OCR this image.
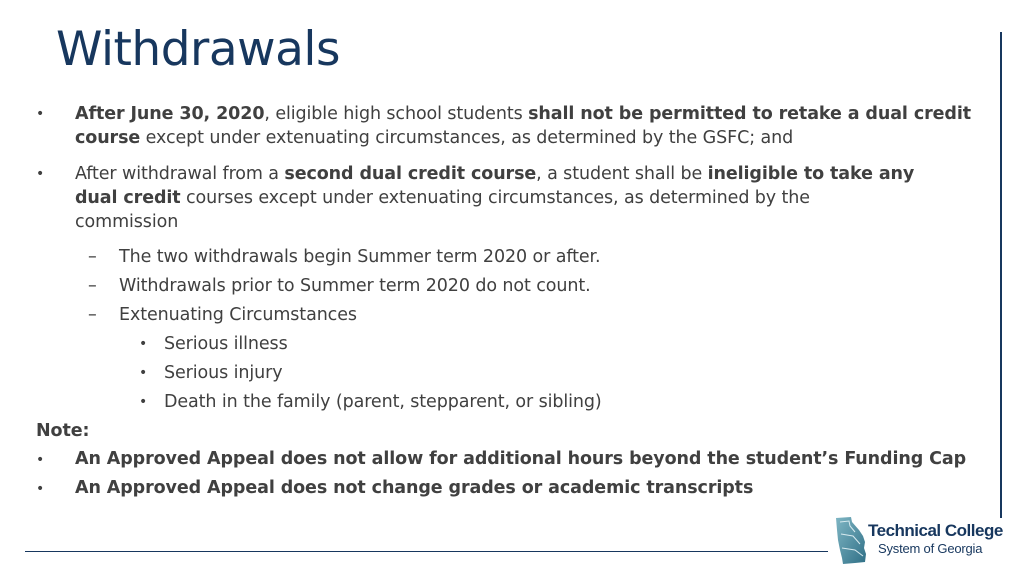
Withdrawals
• After June 30, 2020, eligible high school students shall not be permitted to retake a dual credit
course except under extenuating circumstances, as determined by the GSFC; and
• After withdrawal from a second dual credit course, a student shall be ineligible to take any
dual credit courses except under extenuating circumstances, as determined by the
commission
– The two withdrawals begin Summer term 2020 or after.
– Withdrawals prior to Summer term 2020 do not count.
– Extenuating Circumstances
• Serious illness
• Serious injury
• Death in the family (parent, stepparent, or sibling)
Note:
• An Approved Appeal does not allow for additional hours beyond the student’s Funding Cap
• An Approved Appeal does not change grades or academic transcripts
Technical College
System of Georgia
